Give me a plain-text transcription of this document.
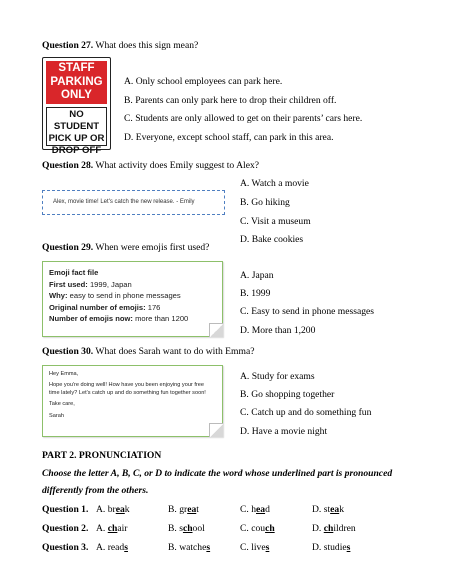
Question 27. What does this sign mean?
STAFF
PARKING
ONLY
NO STUDENT
PICK UP OR
DROP OFF
A. Only school employees can park here.
B. Parents can only park here to drop their children off.
C. Students are only allowed to get on their parents’ cars here.
D. Everyone, except school staff, can park in this area.
Question 28. What activity does Emily suggest to Alex?
Alex, movie time! Let's catch the new release. - Emily
A. Watch a movie
B. Go hiking
C. Visit a museum
D. Bake cookies
Question 29. When were emojis first used?
Emoji fact file
First used: 1999, Japan
Why: easy to send in phone messages
Original number of emojis: 176
Number of emojis now: more than 1200
A. Japan
B. 1999
C. Easy to send in phone messages
D. More than 1,200
Question 30. What does Sarah want to do with Emma?

Hey Emma,

Hope you're doing well! How have you been enjoying your free time lately? Let's catch up and do something fun together soon!

Take care,

Sarah

A. Study for exams
B. Go shopping together
C. Catch up and do something fun
D. Have a movie night
PART 2. PRONUNCIATION
Choose the letter A, B, C, or D to indicate the word whose underlined part is pronounced
differently from the others.
Question 1. A. break	B. great	C. head	D. steak
Question 2. A. chair	B. school	C. couch	D. children
Question 3. A. reads	B. watches	C. lives	D. studies
